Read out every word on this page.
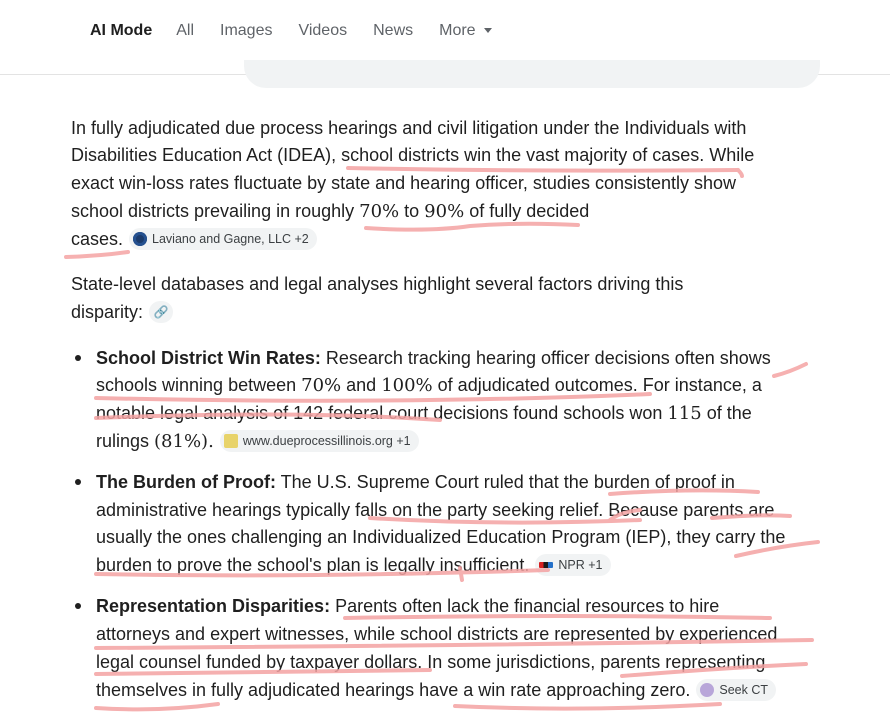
AI Mode All Images Videos News More
In fully adjudicated due process hearings and civil litigation under the Individuals with
Disabilities Education Act (IDEA), school districts win the vast majority of cases. While
exact win-loss rates fluctuate by state and hearing officer, studies consistently show
school districts prevailing in roughly 70% to 90% of fully decided
cases. Laviano and Gagne, LLC +2
State-level databases and legal analyses highlight several factors driving this
disparity: 🔗
School District Win Rates: Research tracking hearing officer decisions often shows
schools winning between 70% and 100% of adjudicated outcomes. For instance, a
notable legal analysis of 142 federal court decisions found schools won 115 of the
rulings (81%). www.dueprocessillinois.org +1
The Burden of Proof: The U.S. Supreme Court ruled that the burden of proof in
administrative hearings typically falls on the party seeking relief. Because parents are
usually the ones challenging an Individualized Education Program (IEP), they carry the
burden to prove the school's plan is legally insufficient. NPR +1
Representation Disparities: Parents often lack the financial resources to hire
attorneys and expert witnesses, while school districts are represented by experienced
legal counsel funded by taxpayer dollars. In some jurisdictions, parents representing
themselves in fully adjudicated hearings have a win rate approaching zero. Seek CT
